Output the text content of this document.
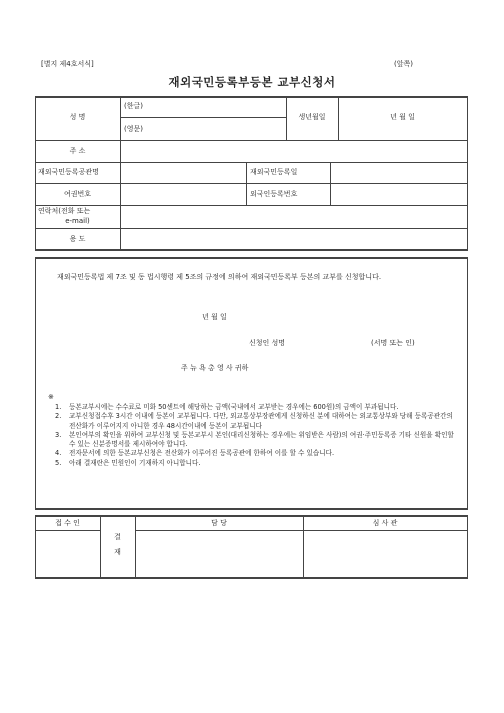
[별지 제4호서식]	(앞쪽)
재외국민등록부등본 교부신청서
성 명
(한글)
(영문)
생년월일	년 월 일
주 소
재외국민등록공관명	재외국민등록일
여권번호	외국인등록번호
연락처(전화 또는
e-mail)
용 도
재외국민등록법 제 7조 및 동 법시행령 제 5조의 규정에 의하여 재외국민등록부 등본의 교부를 신청합니다.
년 월 일
신청인 성명	(서명 또는 인)
주 뉴 욕 총 영 사 귀하
※
1. 등본교부시에는 수수료로 미화 50센트에 해당하는 금액(국내에서 교부받는 경우에는 600원)의 금액이 부과됩니다.
2. 교부신청접수후 3시간 이내에 등본이 교부됩니다. 다만, 외교통상부장관에게 신청하신 분에 대하여는 외교통상부와 당해 등록공관간의 전산화가 이루어지지 아니한 경우 48시간이내에 등본이 교부됩니다
3. 본인여부의 확인을 위하여 교부신청 및 등본교부시 본인(대리신청하는 경우에는 위임받은 사람)의 여권·주민등록증 기타 신원을 확인할 수 있는 신분증명서를 제시하여야 합니다.
4. 전자문서에 의한 등본교부신청은 전산화가 이루어진 등록공관에 한하여 이를 할 수 있습니다.
5. 아래 결재란은 민원인이 기재하지 아니합니다.
접 수 인
결
재
담 당	심 사 관
